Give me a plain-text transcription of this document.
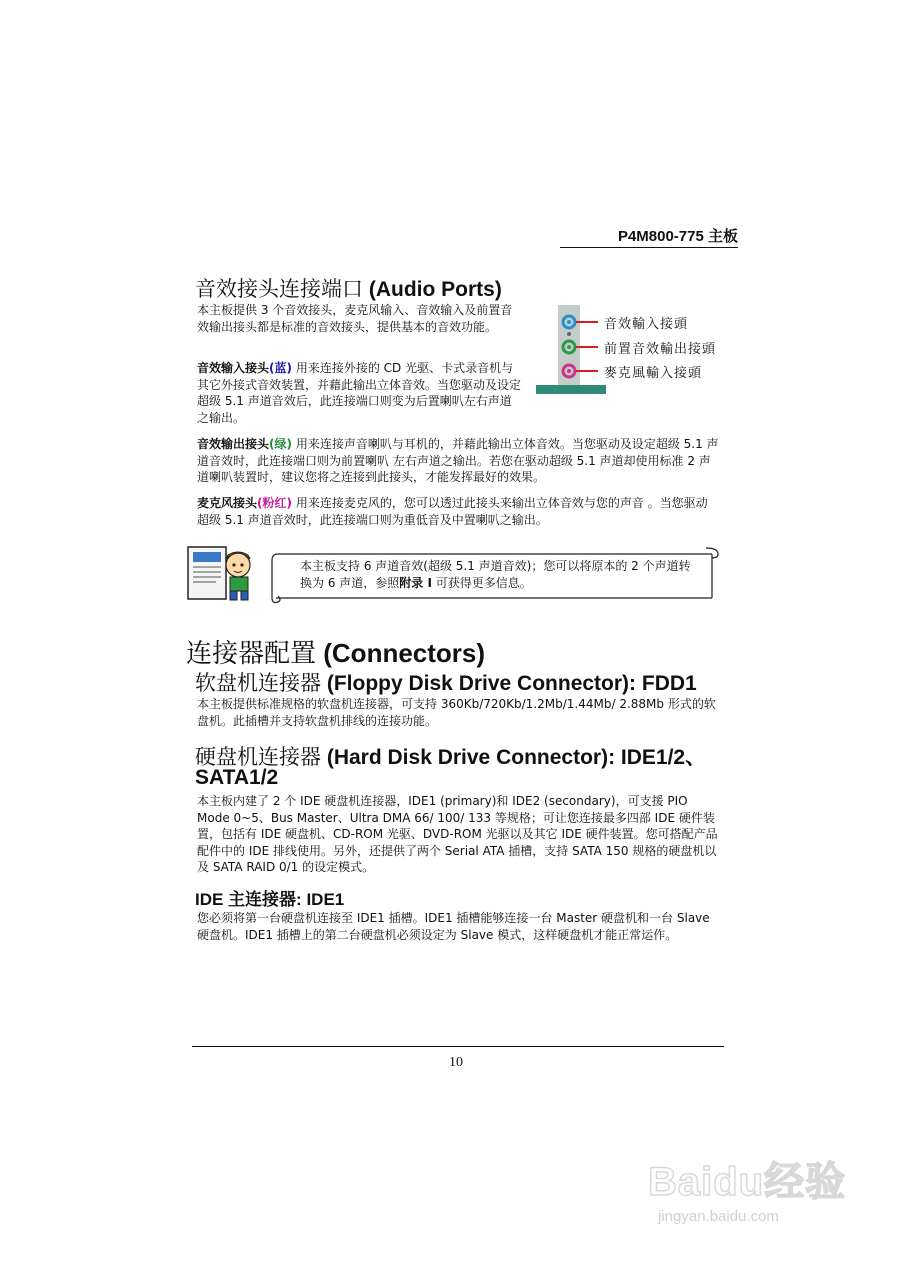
P4M800-775 主板
音效接头连接端口 (Audio Ports)
本主板提供 3 个音效接头，麦克风输入、音效输入及前置音效输出接头都是标准的音效接头，提供基本的音效功能。
音效输入接头(蓝) 用来连接外接的 CD 光驱、卡式录音机与其它外接式音效装置，并藉此输出立体音效。当您驱动及设定超级 5.1 声道音效后，此连接端口则变为后置喇叭左右声道之输出。
音效輸入接頭
前置音效輸出接頭
麥克風輸入接頭
音效输出接头(绿) 用来连接声音喇叭与耳机的，并藉此输出立体音效。当您驱动及设定超级 5.1 声道音效时，此连接端口则为前置喇叭 左右声道之输出。若您在驱动超级 5.1 声道却使用标准 2 声道喇叭装置时，建议您将之连接到此接头，才能发挥最好的效果。
麦克风接头(粉红) 用来连接麦克风的，您可以透过此接头来输出立体音效与您的声音 。当您驱动 超级 5.1 声道音效时，此连接端口则为重低音及中置喇叭之输出。
本主板支持 6 声道音效(超级 5.1 声道音效)；您可以将原本的 2 个声道转换为 6 声道，参照附录 I 可获得更多信息。
连接器配置 (Connectors)
软盘机连接器 (Floppy Disk Drive Connector): FDD1
本主板提供标准规格的软盘机连接器，可支持 360Kb/720Kb/1.2Mb/1.44Mb/ 2.88Mb 形式的软盘机。此插槽并支持软盘机排线的连接功能。
硬盘机连接器 (Hard Disk Drive Connector): IDE1/2、
SATA1/2
本主板内建了 2 个 IDE 硬盘机连接器，IDE1 (primary)和 IDE2 (secondary)，可支援 PIO Mode 0~5、Bus Master、Ultra DMA 66/ 100/ 133 等规格；可让您连接最多四部 IDE 硬件装置，包括有 IDE 硬盘机、CD-ROM 光驱、DVD-ROM 光驱以及其它 IDE 硬件装置。您可搭配产品配件中的 IDE 排线使用。另外，还提供了两个 Serial ATA 插槽，支持 SATA 150 规格的硬盘机以及 SATA RAID 0/1 的设定模式。
IDE 主连接器: IDE1
您必须将第一台硬盘机连接至 IDE1 插槽。IDE1 插槽能够连接一台 Master 硬盘机和一台 Slave 硬盘机。IDE1 插槽上的第二台硬盘机必须设定为 Slave 模式，这样硬盘机才能正常运作。
10
Baidu经验
jingyan.baidu.com
